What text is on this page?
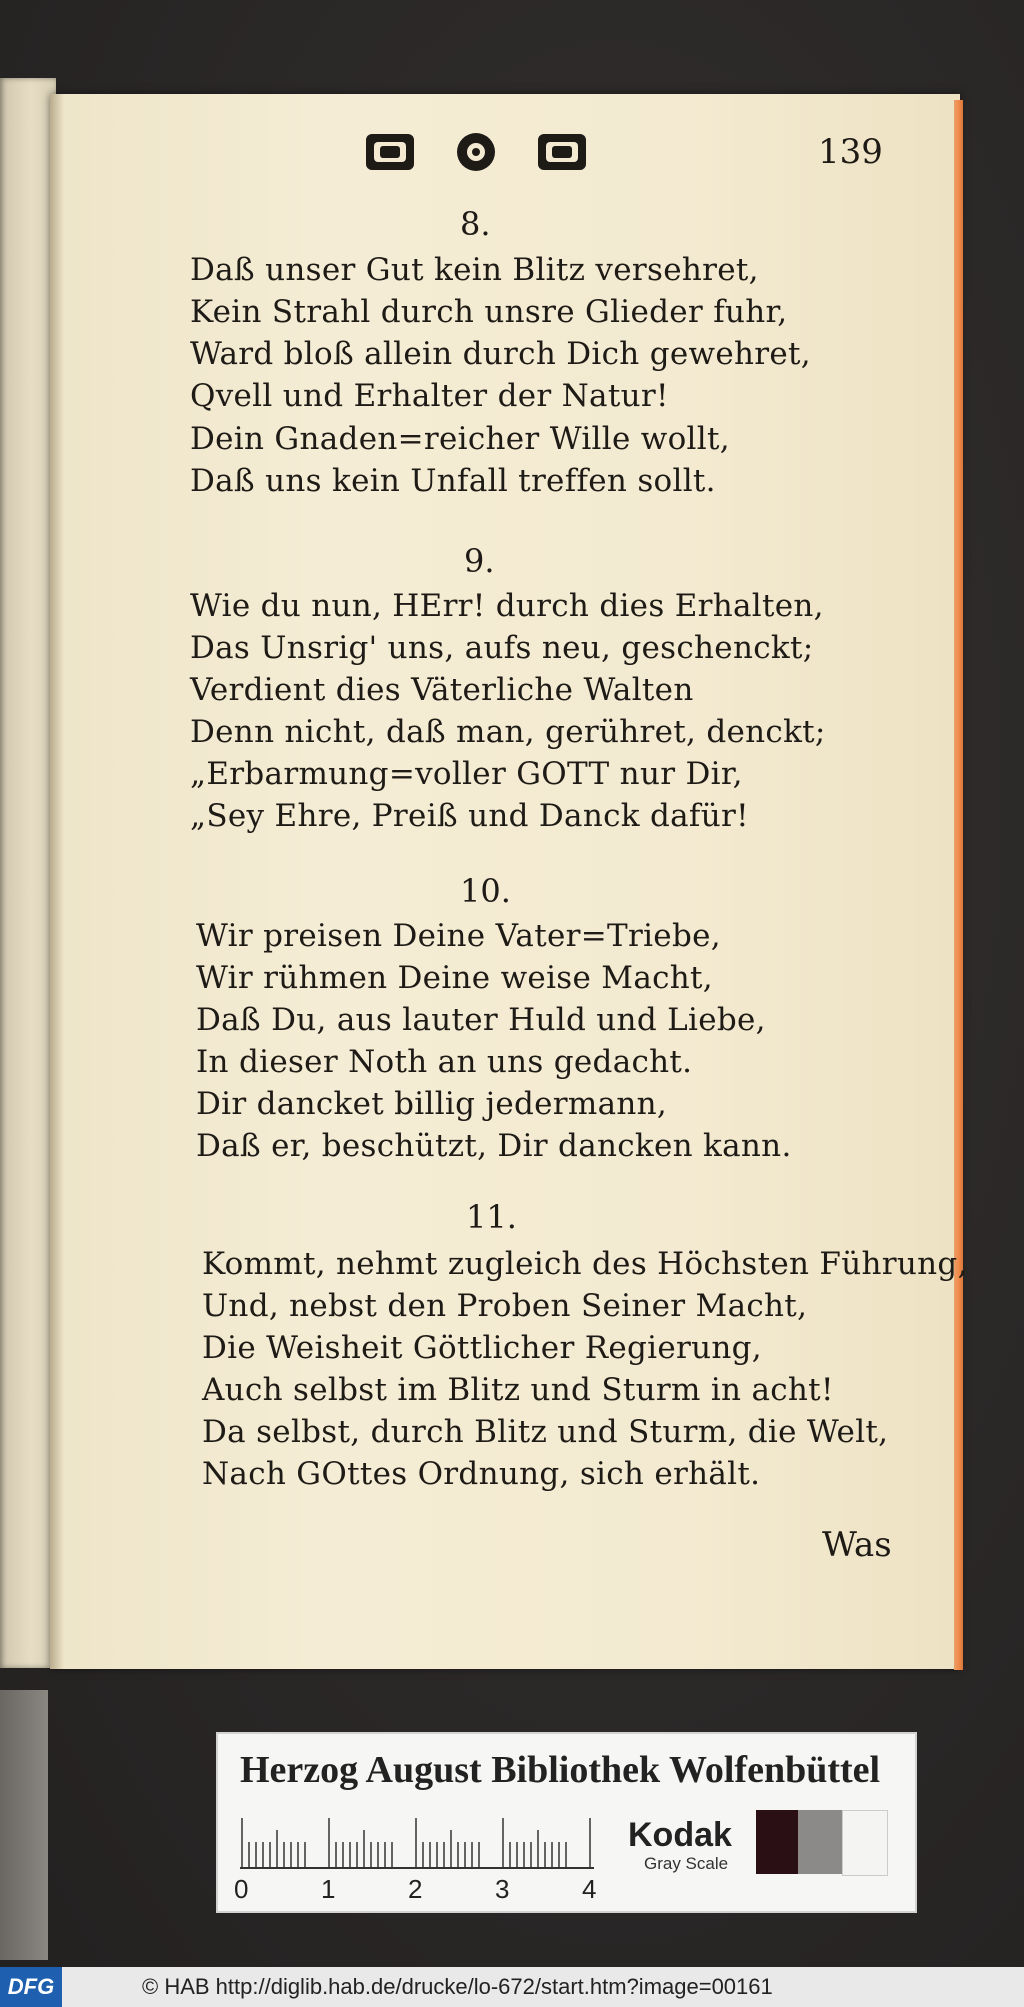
139
8.
Daß unser Gut kein Blitz versehret,
Kein Strahl durch unsre Glieder fuhr,
Ward bloß allein durch Dich gewehret,
Qvell und Erhalter der Natur!
Dein Gnaden=reicher Wille wollt,
Daß uns kein Unfall treffen sollt.
9.
Wie du nun, HErr! durch dies Erhalten,
Das Unsrig' uns, aufs neu, geschenckt;
Verdient dies Väterliche Walten
Denn nicht, daß man, gerühret, denckt;
„Erbarmung=voller GOTT nur Dir,
„Sey Ehre, Preiß und Danck dafür!
10.
Wir preisen Deine Vater=Triebe,
Wir rühmen Deine weise Macht,
Daß Du, aus lauter Huld und Liebe,
In dieser Noth an uns gedacht.
Dir dancket billig jedermann,
Daß er, beschützt, Dir dancken kann.
11.
Kommt, nehmt zugleich des Höchsten Führung,
Und, nebst den Proben Seiner Macht,
Die Weisheit Göttlicher Regierung,
Auch selbst im Blitz und Sturm in acht!
Da selbst, durch Blitz und Sturm, die Welt,
Nach GOttes Ordnung, sich erhält.
Was
Herzog August Bibliothek Wolfenbüttel
0	1	2	3	4
Kodak
Gray Scale
DFG	© HAB http://diglib.hab.de/drucke/lo-672/start.htm?image=00161
